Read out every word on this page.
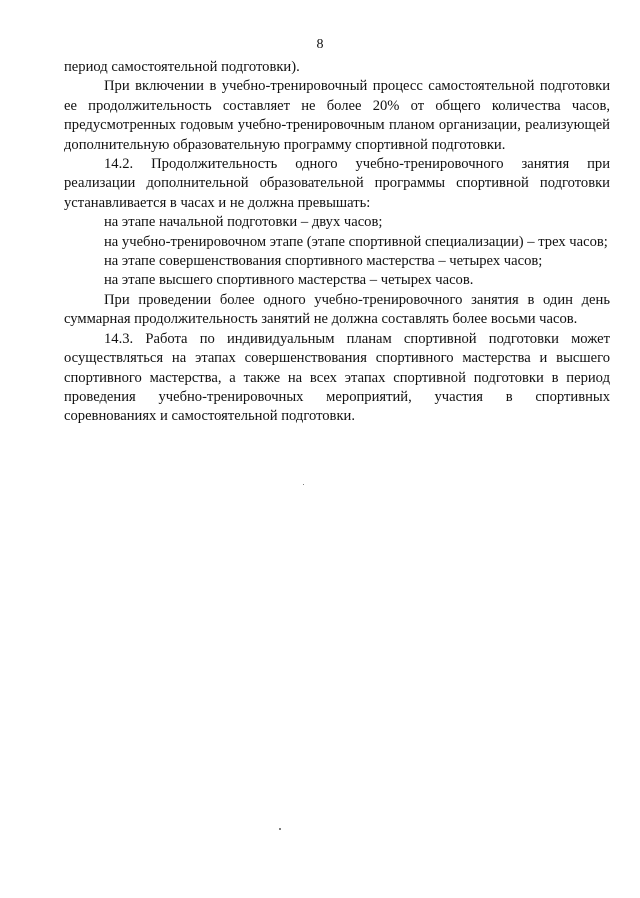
8

период самостоятельной подготовки).

При включении в учебно-тренировочный процесс самостоятельной подготовки ее продолжительность составляет не более 20% от общего количества часов, предусмотренных годовым учебно-тренировочным планом организации, реализующей дополнительную образовательную программу спортивной подготовки.

14.2. Продолжительность одного учебно-тренировочного занятия при реализации дополнительной образовательной программы спортивной подготовки устанавливается в часах и не должна превышать:

на этапе начальной подготовки – двух часов;

на учебно-тренировочном этапе (этапе спортивной специализации) – трех часов;

на этапе совершенствования спортивного мастерства – четырех часов;

на этапе высшего спортивного мастерства – четырех часов.

При проведении более одного учебно-тренировочного занятия в один день суммарная продолжительность занятий не должна составлять более восьми часов.

14.3. Работа по индивидуальным планам спортивной подготовки может осуществляться на этапах совершенствования спортивного мастерства и высшего спортивного мастерства, а также на всех этапах спортивной подготовки в период проведения учебно-тренировочных мероприятий, участия в спортивных соревнованиях и самостоятельной подготовки.
